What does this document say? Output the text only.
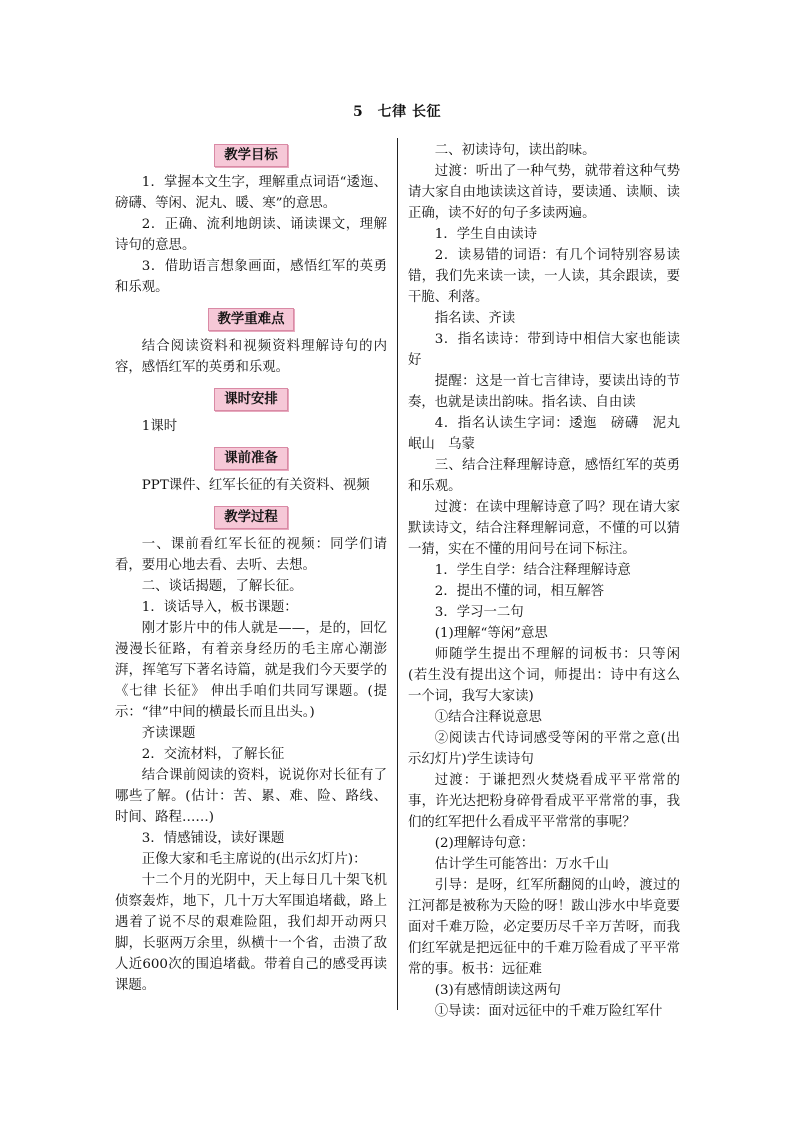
5　七律 长征
教学目标

1．掌握本文生字，理解重点词语“逶迤、磅礴、等闲、泥丸、暖、寒”的意思。

2．正确、流利地朗读、诵读课文，理解诗句的意思。

3．借助语言想象画面，感悟红军的英勇和乐观。

教学重难点

结合阅读资料和视频资料理解诗句的内容，感悟红军的英勇和乐观。

课时安排

1课时

课前准备

PPT课件、红军长征的有关资料、视频

教学过程

一、课前看红军长征的视频：同学们请看，要用心地去看、去听、去想。

二、谈话揭题，了解长征。

1．谈话导入，板书课题：

刚才影片中的伟人就是——，是的，回忆漫漫长征路，有着亲身经历的毛主席心潮澎湃，挥笔写下著名诗篇，就是我们今天要学的《七律 长征》 伸出手咱们共同写课题。(提示：“律”中间的横最长而且出头。)

齐读课题

2．交流材料，了解长征

结合课前阅读的资料，说说你对长征有了哪些了解。(估计：苦、累、难、险、路线、时间、路程……)

3．情感铺设，读好课题

正像大家和毛主席说的(出示幻灯片)：

十二个月的光阴中，天上每日几十架飞机侦察轰炸，地下，几十万大军围追堵截，路上遇着了说不尽的艰难险阻，我们却开动两只脚，长驱两万余里，纵横十一个省，击溃了敌人近600次的围追堵截。带着自己的感受再读课题。

二、初读诗句，读出韵味。

过渡：听出了一种气势，就带着这种气势请大家自由地读读这首诗，要读通、读顺、读正确，读不好的句子多读两遍。

1．学生自由读诗

2．读易错的词语：有几个词特别容易读错，我们先来读一读，一人读，其余跟读，要干脆、利落。

指名读、齐读

3．指名读诗：带到诗中相信大家也能读好

提醒：这是一首七言律诗，要读出诗的节奏，也就是读出韵味。指名读、自由读

4．指名认读生字词：逶迤　磅礴　泥丸　岷山　乌蒙

三、结合注释理解诗意，感悟红军的英勇和乐观。

过渡：在读中理解诗意了吗？现在请大家默读诗文，结合注释理解词意，不懂的可以猜一猜，实在不懂的用问号在词下标注。

1．学生自学：结合注释理解诗意

2．提出不懂的词，相互解答

3．学习一二句

(1)理解“等闲”意思

师随学生提出不理解的词板书：只等闲(若生没有提出这个词，师提出：诗中有这么一个词，我写大家读)

①结合注释说意思

②阅读古代诗词感受等闲的平常之意(出示幻灯片)学生读诗句

过渡：于谦把烈火焚烧看成平平常常的事，许光达把粉身碎骨看成平平常常的事，我们的红军把什么看成平平常常的事呢？

(2)理解诗句意：

估计学生可能答出：万水千山

引导：是呀，红军所翻阅的山岭，渡过的江河都是被称为天险的呀！跋山涉水中毕竟要面对千难万险，必定要历尽千辛万苦呀，而我们红军就是把远征中的千难万险看成了平平常常的事。板书：远征难

(3)有感情朗读这两句

①导读：面对远征中的千难万险红军什
